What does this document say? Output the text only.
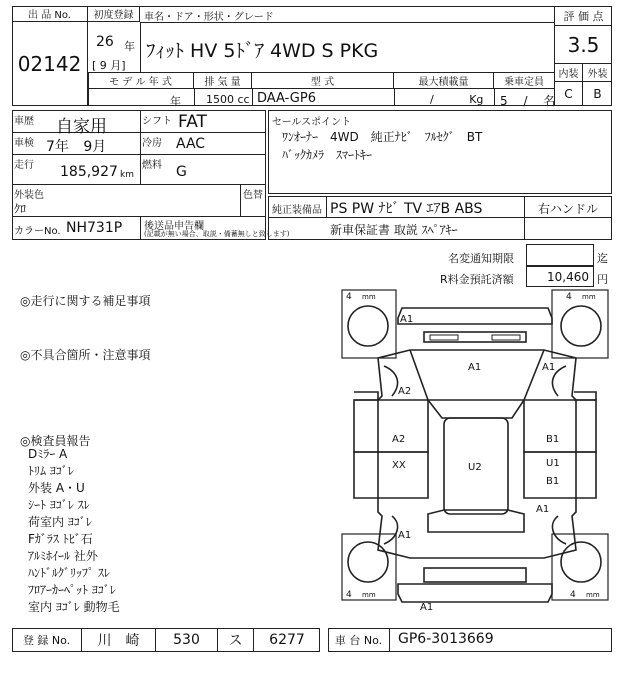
出 品 No.
02142
初度登録	車名・ドア・形状・グレード
26 年
[ 9 月]
ﾌｨｯﾄ HV 5ﾄﾞｱ 4WD S PKG
評 価 点
3.5
内装 外装
C	B
モ デ ル 年 式	排 気 量	型 式	最大積載量	乗車定員
年 1500 cc DAA-GP6	/ Kg 5 / 名
車歴 自家用	シフト FAT
車検 7年 9月	冷房 AAC
走行 185,927 km
燃料 G
外装色
ｸﾛ
色替
カラーNo. NH731P 後送品申告欄
(記載が無い場合、取説・備蓄無しと致します)
セールスポイント
ﾜﾝｵｰﾅｰ　4WD　純正ﾅﾋﾞ　ﾌﾙｾｸﾞ　BT
ﾊﾞｯｸｶﾒﾗ　ｽﾏｰﾄｷｰ
純正装備品 PS PW ﾅﾋﾞ TV ｴｱB ABS	右ハンドル
新車保証書 取説 ｽﾍﾟｱｷｰ
名変通知期限	迄
R料金預託済額	10,460 円
◎走行に関する補足事項
◎不具合箇所・注意事項
◎検査員報告
Dﾐﾗｰ A
ﾄﾘﾑ ﾖｺﾞﾚ
外装 A・U
ｼｰﾄ ﾖｺﾞﾚ ｽﾚ
荷室内 ﾖｺﾞﾚ
Fｶﾞﾗｽ ﾄﾋﾞ石
ｱﾙﾐﾎｲｰﾙ 社外
ﾊﾝﾄﾞﾙｸﾞﾘｯﾌﾟ ｽﾚ
ﾌﾛｱｰｶｰﾍﾟｯﾄ ﾖｺﾞﾚ
室内 ﾖｺﾞﾚ 動物毛
4 mm	4 mm
4 mm	4 mm
A1
A1	A1
A2
A2
XX	U2
B1
U1
B1
A1
A1
A1
登 録 No.	川　崎	530	ス	6277	車 台 No.	GP6-3013669
